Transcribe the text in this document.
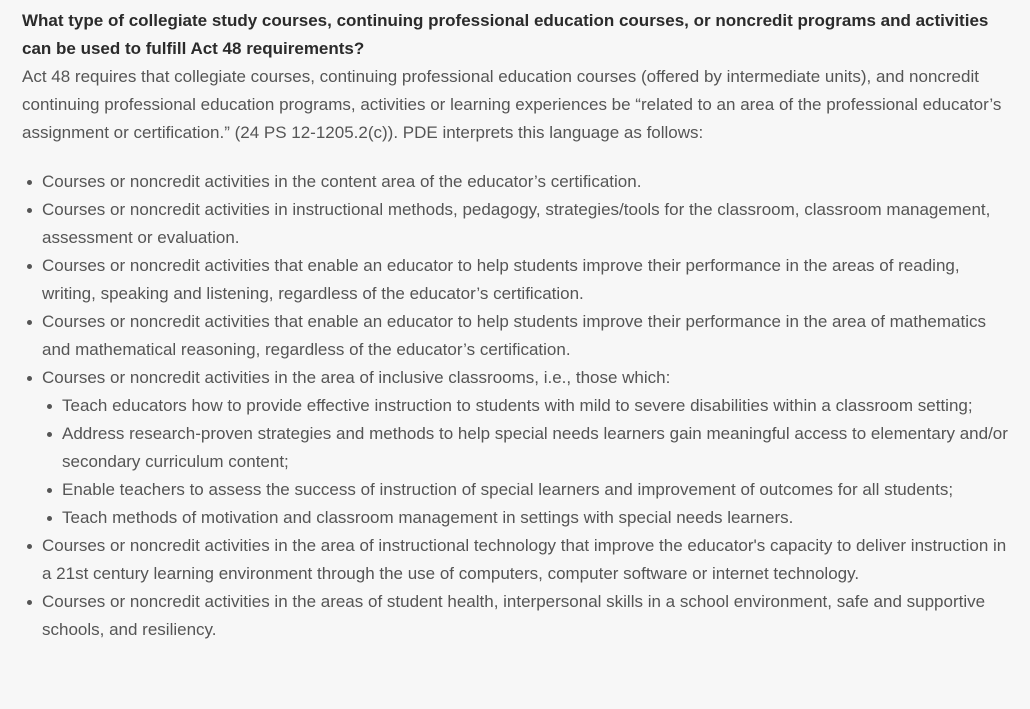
What type of collegiate study courses, continuing professional education courses, or noncredit programs and activities can be used to fulfill Act 48 requirements?

Act 48 requires that collegiate courses, continuing professional education courses (offered by intermediate units), and noncredit continuing professional education programs, activities or learning experiences be “related to an area of the professional educator’s assignment or certification.” (24 PS 12-1205.2(c)). PDE interprets this language as follows:

Courses or noncredit activities in the content area of the educator’s certification.
Courses or noncredit activities in instructional methods, pedagogy, strategies/tools for the classroom, classroom management, assessment or evaluation.
Courses or noncredit activities that enable an educator to help students improve their performance in the areas of reading, writing, speaking and listening, regardless of the educator’s certification.
Courses or noncredit activities that enable an educator to help students improve their performance in the area of mathematics and mathematical reasoning, regardless of the educator’s certification.
Courses or noncredit activities in the area of inclusive classrooms, i.e., those which:
Teach educators how to provide effective instruction to students with mild to severe disabilities within a classroom setting;
Address research-proven strategies and methods to help special needs learners gain meaningful access to elementary and/or secondary curriculum content;
Enable teachers to assess the success of instruction of special learners and improvement of outcomes for all students;
Teach methods of motivation and classroom management in settings with special needs learners.
Courses or noncredit activities in the area of instructional technology that improve the educator's capacity to deliver instruction in a 21st century learning environment through the use of computers, computer software or internet technology.
Courses or noncredit activities in the areas of student health, interpersonal skills in a school environment, safe and supportive schools, and resiliency.
